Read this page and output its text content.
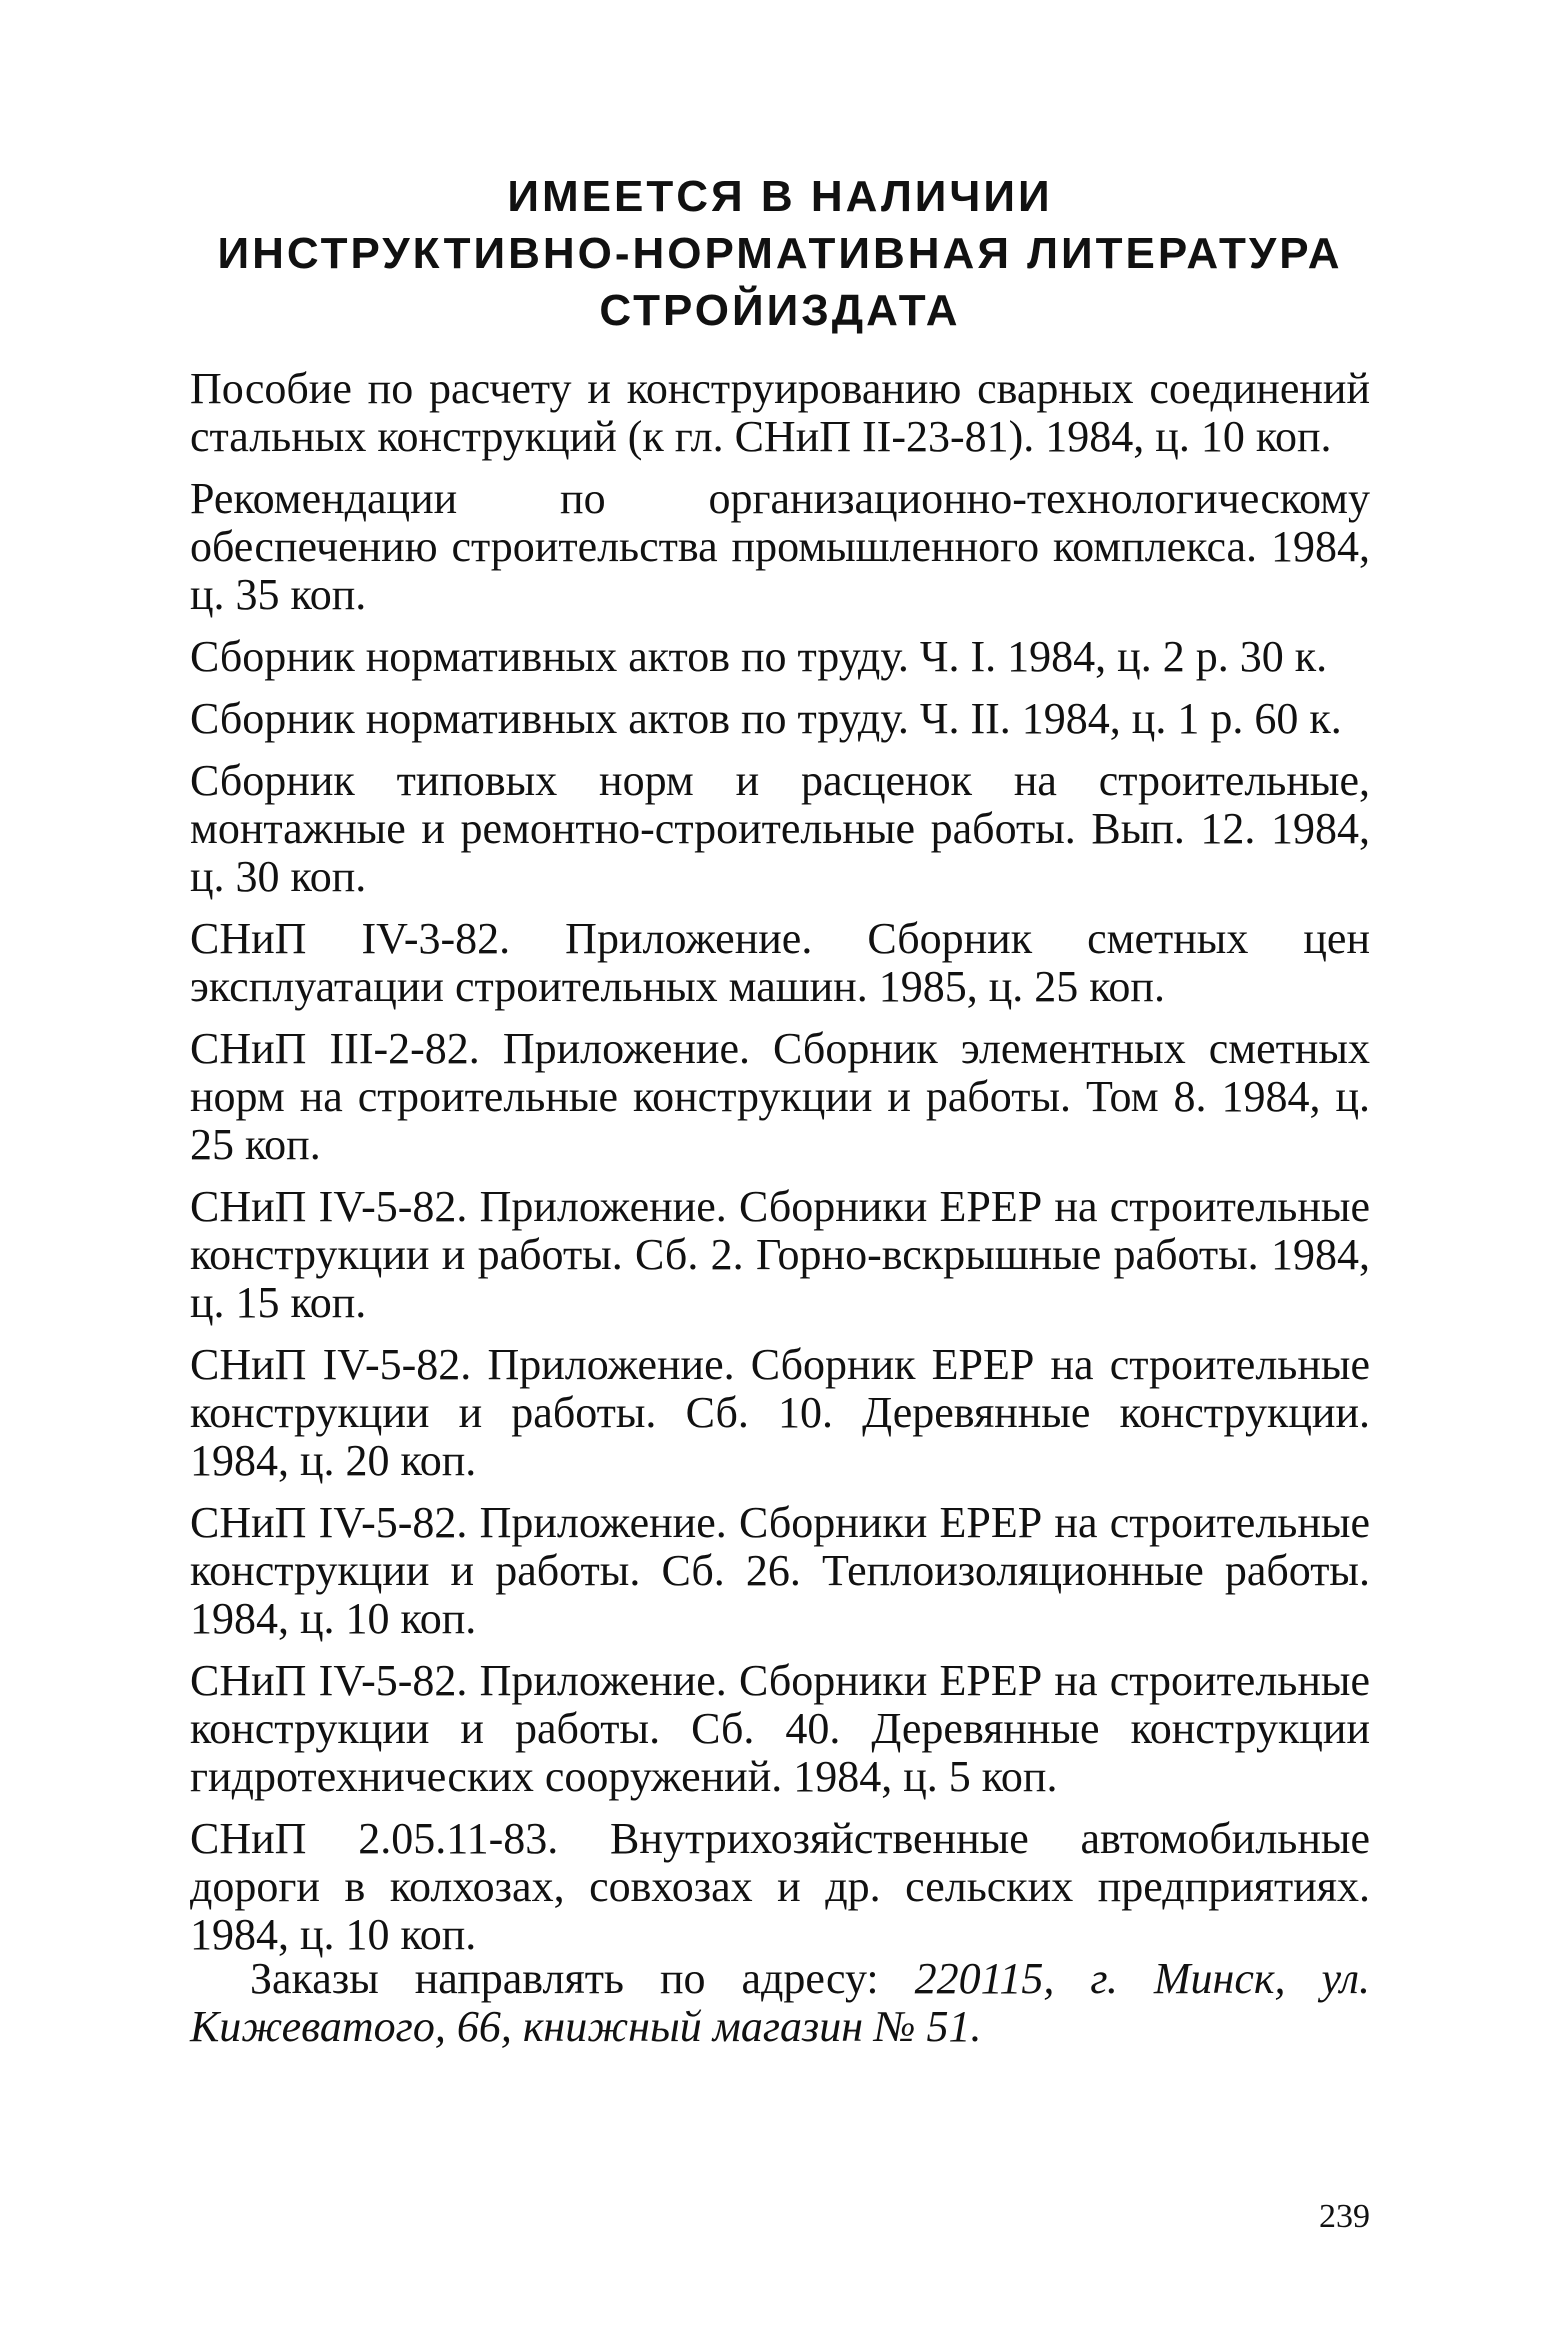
ИМЕЕТСЯ В НАЛИЧИИ
ИНСТРУКТИВНО-НОРМАТИВНАЯ ЛИТЕРАТУРА
СТРОЙИЗДАТА

Пособие по расчету и конструированию сварных соединений стальных конструкций (к гл. СНиП II-23-81). 1984, ц. 10 коп.

Рекомендации по организационно-технологическому обеспечению строительства промышленного комплекса. 1984, ц. 35 коп.

Сборник нормативных актов по труду. Ч. I. 1984, ц. 2 р. 30 к.

Сборник нормативных актов по труду. Ч. II. 1984, ц. 1 р. 60 к.

Сборник типовых норм и расценок на строительные, монтажные и ремонтно-строительные работы. Вып. 12. 1984, ц. 30 коп.

СНиП IV-3-82. Приложение. Сборник сметных цен эксплуатации строительных машин. 1985, ц. 25 коп.

СНиП III-2-82. Приложение. Сборник элементных сметных норм на строительные конструкции и работы. Том 8. 1984, ц. 25 коп.

СНиП IV-5-82. Приложение. Сборники ЕРЕР на строительные конструкции и работы. Сб. 2. Горно-вскрышные работы. 1984, ц. 15 коп.

СНиП IV-5-82. Приложение. Сборник ЕРЕР на строительные конструкции и работы. Сб. 10. Деревянные конструкции. 1984, ц. 20 коп.

СНиП IV-5-82. Приложение. Сборники ЕРЕР на строительные конструкции и работы. Сб. 26. Теплоизоляционные работы. 1984, ц. 10 коп.

СНиП IV-5-82. Приложение. Сборники ЕРЕР на строительные конструкции и работы. Сб. 40. Деревянные конструкции гидротехнических сооружений. 1984, ц. 5 коп.

СНиП 2.05.11-83. Внутрихозяйственные автомобильные дороги в колхозах, совхозах и др. сельских предприятиях. 1984, ц. 10 коп.

Заказы направлять по адресу: 220115, г. Минск, ул. Кижеватого, 66, книжный магазин № 51.
239
